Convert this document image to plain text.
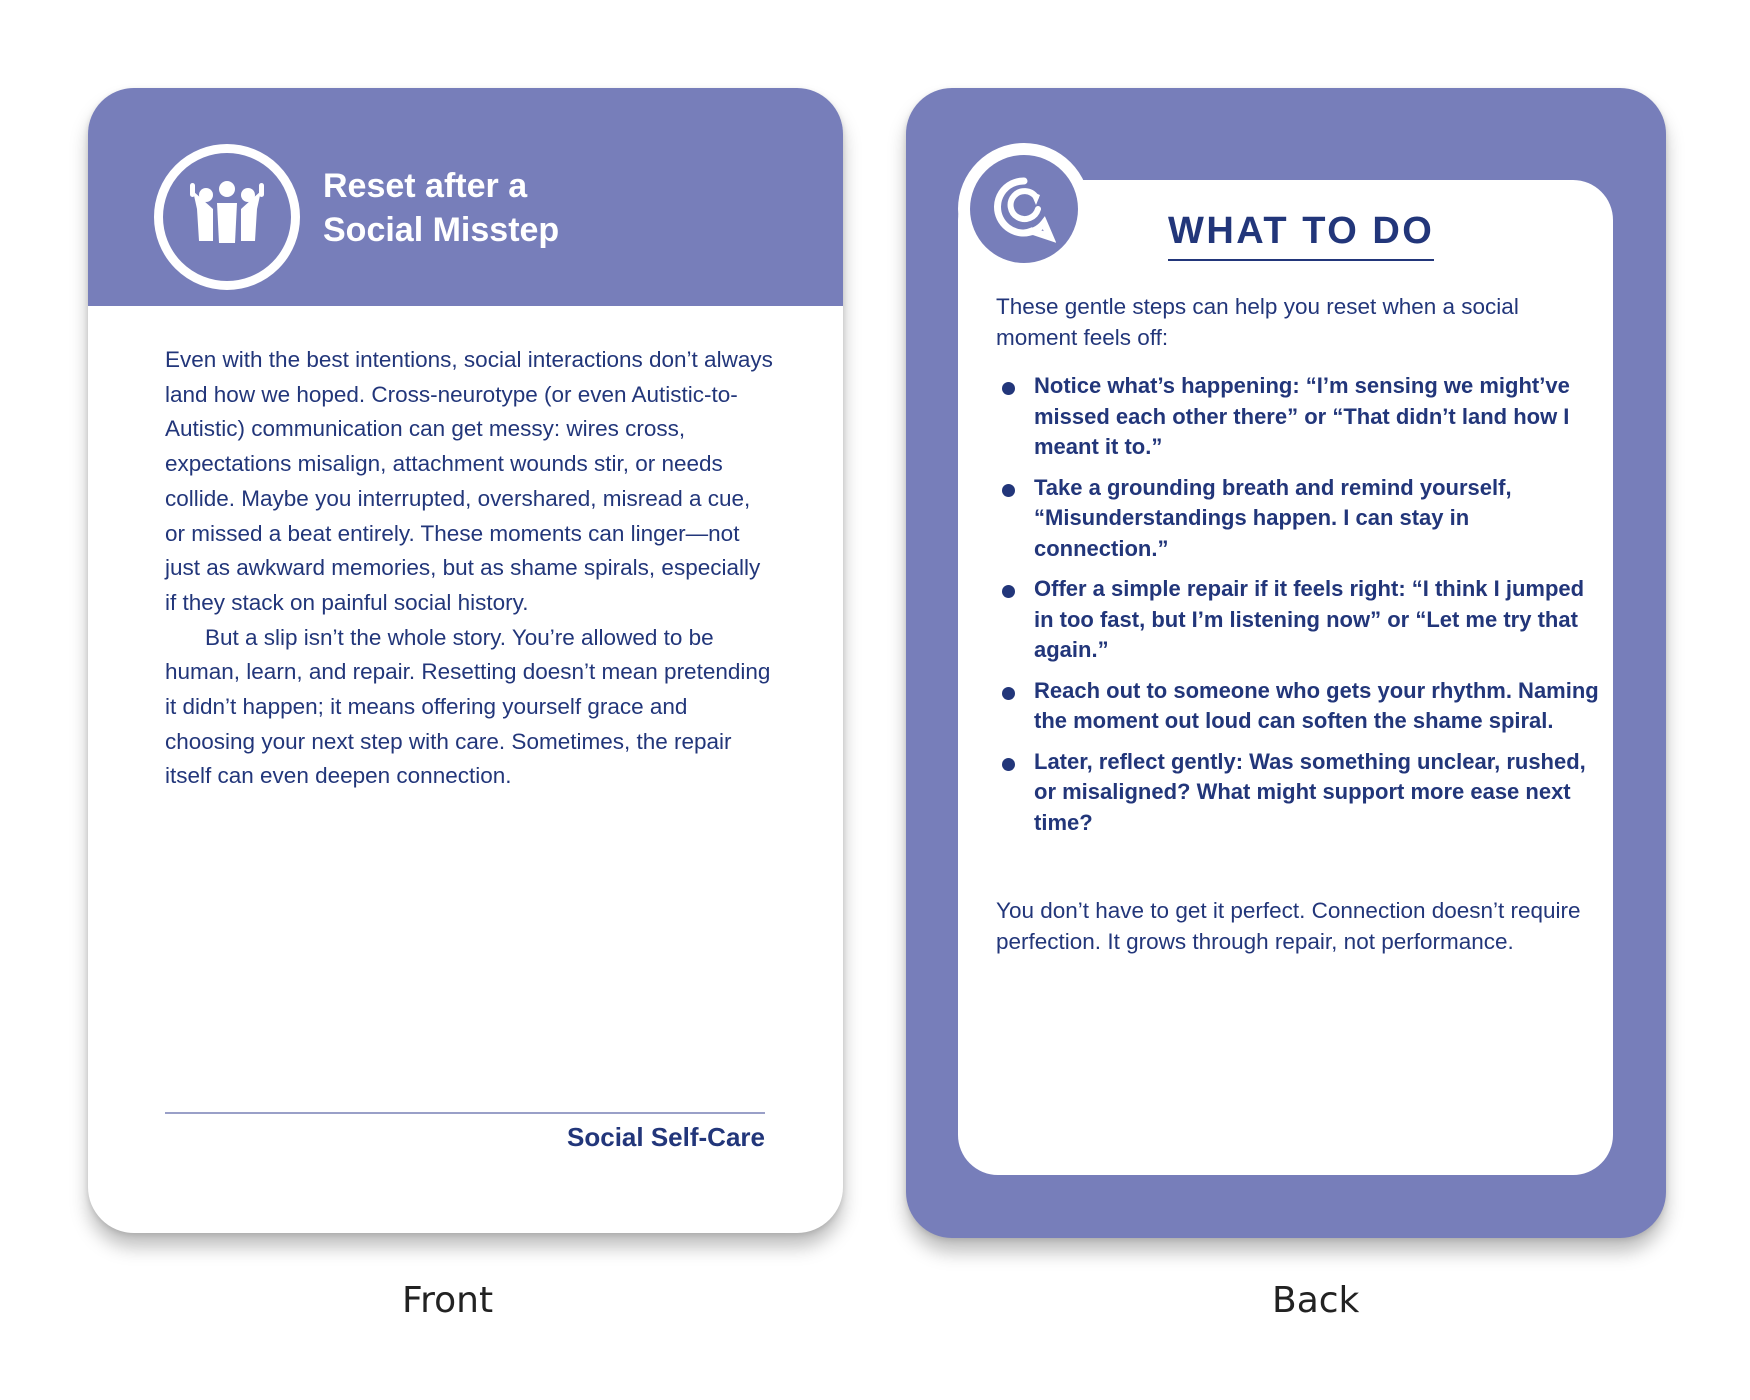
Reset after a
Social Misstep

Even with the best intentions, social interactions don’t always land how we hoped. Cross-neurotype (or even Autistic-to-Autistic) communication can get messy: wires cross, expectations misalign, attachment wounds stir, or needs collide. Maybe you interrupted, overshared, misread a cue, or missed a beat entirely. These moments can linger—not just as awkward memories, but as shame spirals, especially if they stack on painful social history.

But a slip isn’t the whole story. You’re allowed to be human, learn, and repair. Resetting doesn’t mean pretending it didn’t happen; it means offering yourself grace and choosing your next step with care. Sometimes, the repair itself can even deepen connection.

Social Self-Care
WHAT TO DO

These gentle steps can help you reset when a social moment feels off:

Notice what’s happening: “I’m sensing we might’ve missed each other there” or “That didn’t land how I meant it to.”
Take a grounding breath and remind yourself, “Misunderstandings happen. I can stay in connection.”
Offer a simple repair if it feels right: “I think I jumped in too fast, but I’m listening now” or “Let me try that again.”
Reach out to someone who gets your rhythm. Naming the moment out loud can soften the shame spiral.
Later, reflect gently: Was something unclear, rushed, or misaligned? What might support more ease next time?

You don’t have to get it perfect. Connection doesn’t require perfection. It grows through repair, not performance.

Front	Back
